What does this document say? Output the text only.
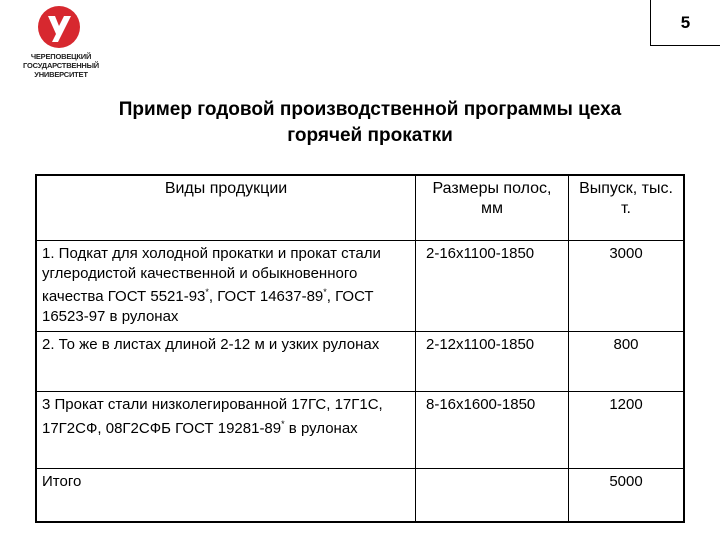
ЧЕРЕПОВЕЦКИЙ
ГОСУДАРСТВЕННЫЙ
УНИВЕРСИТЕТ
5
Пример годовой производственной программы цеха
горячей прокатки
Виды продукции	Размеры полос, мм	Выпуск, тыс. т.
1. Подкат для холодной прокатки и прокат стали углеродистой качественной и обыкновенного качества ГОСТ 5521-93*, ГОСТ 14637-89*, ГОСТ 16523-97 в рулонах	2-16х1100-1850	3000
2. То же в листах длиной 2-12 м и узких рулонах	2-12х1100-1850	800
3 Прокат стали низколегированной 17ГС, 17Г1С, 17Г2СФ, 08Г2СФБ ГОСТ 19281-89* в рулонах	8-16х1600-1850	1200
Итого		5000
